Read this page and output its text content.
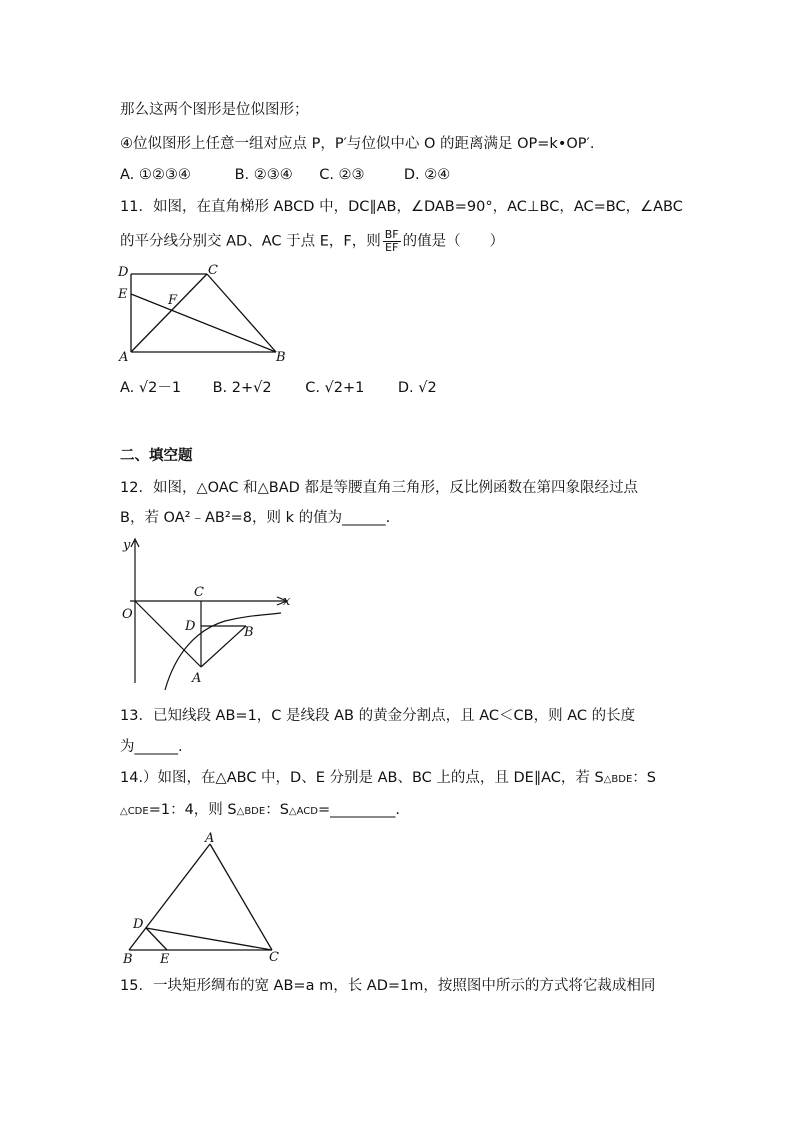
那么这两个图形是位似图形；
④位似图形上任意一组对应点 P，P′与位似中心 O 的距离满足 OP=k•OP′.
A. ①②③④	B. ②③④ C. ②③	D. ②④
11．如图，在直角梯形 ABCD 中，DC∥AB，∠DAB=90°，AC⊥BC，AC=BC，∠ABC
的平分线分别交 AD、AC 于点 E，F，则 $\frac{BF}{EF}$ 的值是（　　）
D	C
E	F
A	B
A. √2－1 B. 2+√2 C. √2+1 D. √2
二、填空题
12．如图，△OAC 和△BAD 都是等腰直角三角形，反比例函数在第四象限经过点
B，若 OA²﹣AB²=8，则 k 的值为______.
y
x
O
C
D	B
A
13．已知线段 AB=1，C 是线段 AB 的黄金分割点，且 AC＜CB，则 AC 的长度
为______.
14.）如图，在△ABC 中，D、E 分别是 AB、BC 上的点，且 DE∥AC，若 S△BDE：S
△CDE=1：4，则 S△BDE：S△ACD=_________.
A
D
B E	C
15．一块矩形绸布的宽 AB=a m，长 AD=1m，按照图中所示的方式将它裁成相同
